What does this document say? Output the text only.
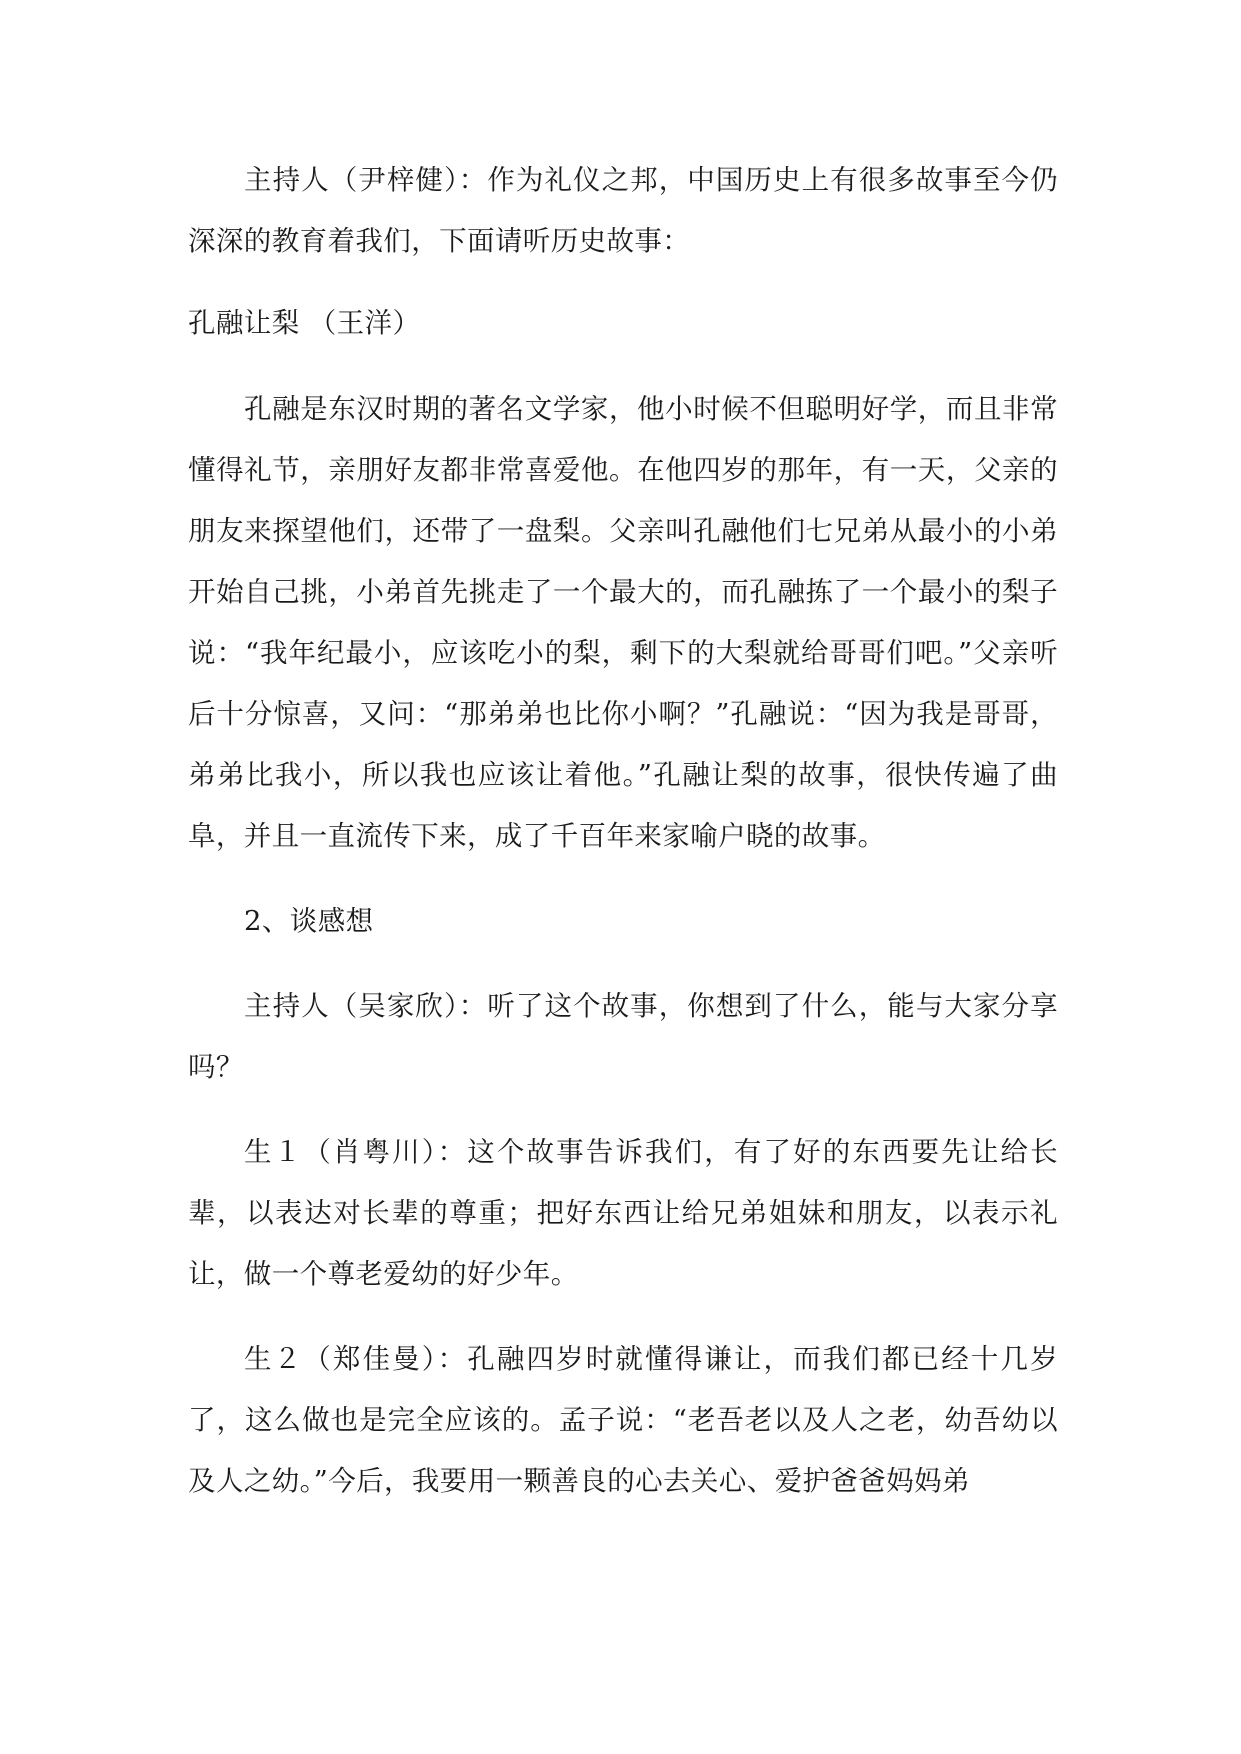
主持人（尹梓健）：作为礼仪之邦，中国历史上有很多故事至今仍深深的教育着我们，下面请听历史故事：

孔融让梨 （王洋）

孔融是东汉时期的著名文学家，他小时候不但聪明好学，而且非常懂得礼节，亲朋好友都非常喜爱他。在他四岁的那年，有一天，父亲的朋友来探望他们，还带了一盘梨。父亲叫孔融他们七兄弟从最小的小弟开始自己挑，小弟首先挑走了一个最大的，而孔融拣了一个最小的梨子说：“我年纪最小，应该吃小的梨，剩下的大梨就给哥哥们吧。”父亲听后十分惊喜，又问：“那弟弟也比你小啊？”孔融说：“因为我是哥哥，弟弟比我小，所以我也应该让着他。”孔融让梨的故事，很快传遍了曲阜，并且一直流传下来，成了千百年来家喻户晓的故事。

2、谈感想

主持人（吴家欣）：听了这个故事，你想到了什么，能与大家分享吗？

生１（肖粤川）：这个故事告诉我们，有了好的东西要先让给长辈，以表达对长辈的尊重；把好东西让给兄弟姐妹和朋友，以表示礼让，做一个尊老爱幼的好少年。

生２（郑佳曼）：孔融四岁时就懂得谦让，而我们都已经十几岁了，这么做也是完全应该的。孟子说：“老吾老以及人之老，幼吾幼以及人之幼。”今后，我要用一颗善良的心去关心、爱护爸爸妈妈弟
